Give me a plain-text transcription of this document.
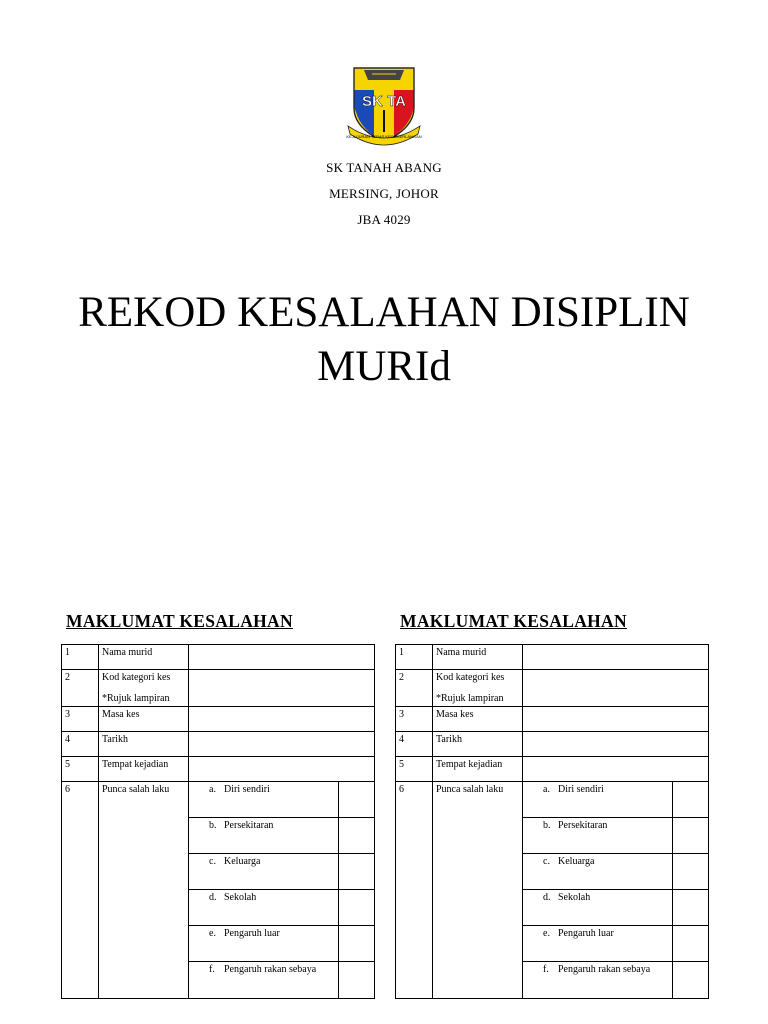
SK TA
KEJUJURAN TERAS KECEMERLANGAN
SK TANAH ABANG
MERSING, JOHOR
JBA 4029
REKOD KESALAHAN DISIPLIN
MURId
MAKLUMAT KESALAHAN
1	Nama murid		
2	Kod kategori kes
*Rujuk lampiran		

3	Masa kes		
4	Tarikh		
5	Tempat kejadian		
6	Punca salah laku	a. Diri sendiri	
		b. Persekitaran	
		c. Keluarga	
		d. Sekolah	
		e. Pengaruh luar	
		f. Pengaruh rakan sebaya	
MAKLUMAT KESALAHAN
1	Nama murid		
2	Kod kategori kes
*Rujuk lampiran		

3	Masa kes		
4	Tarikh		
5	Tempat kejadian		
6	Punca salah laku	a. Diri sendiri	
		b. Persekitaran	
		c. Keluarga	
		d. Sekolah	
		e. Pengaruh luar	
		f. Pengaruh rakan sebaya	
